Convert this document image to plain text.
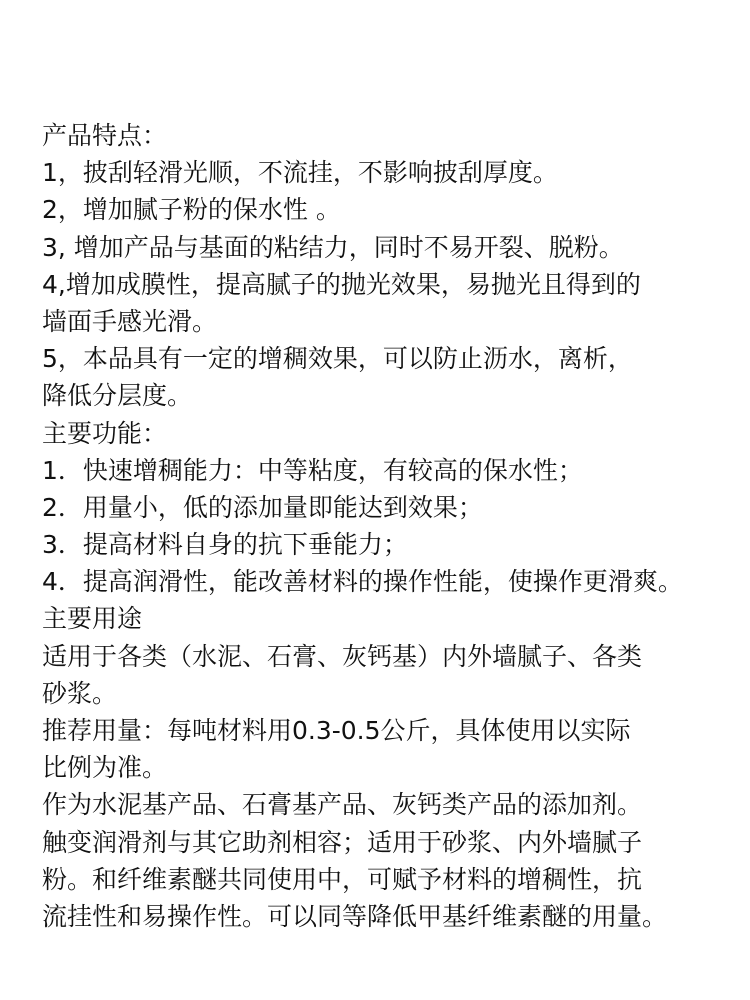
产品特点：
1，披刮轻滑光顺，不流挂，不影响披刮厚度。
2，增加腻子粉的保水性 。
3, 增加产品与基面的粘结力，同时不易开裂、脱粉。
4,增加成膜性，提高腻子的抛光效果，易抛光且得到的
墙面手感光滑。
5，本品具有一定的增稠效果，可以防止沥水，离析，
降低分层度。
主要功能：
1．快速增稠能力：中等粘度，有较高的保水性；
2．用量小，低的添加量即能达到效果；
3．提高材料自身的抗下垂能力；
4．提高润滑性，能改善材料的操作性能，使操作更滑爽。
主要用途
适用于各类（水泥、石膏、灰钙基）内外墙腻子、各类
砂浆。
推荐用量：每吨材料用0.3-0.5公斤，具体使用以实际
比例为准。
作为水泥基产品、石膏基产品、灰钙类产品的添加剂。
触变润滑剂与其它助剂相容；适用于砂浆、内外墙腻子
粉。和纤维素醚共同使用中，可赋予材料的增稠性，抗
流挂性和易操作性。可以同等降低甲基纤维素醚的用量。
